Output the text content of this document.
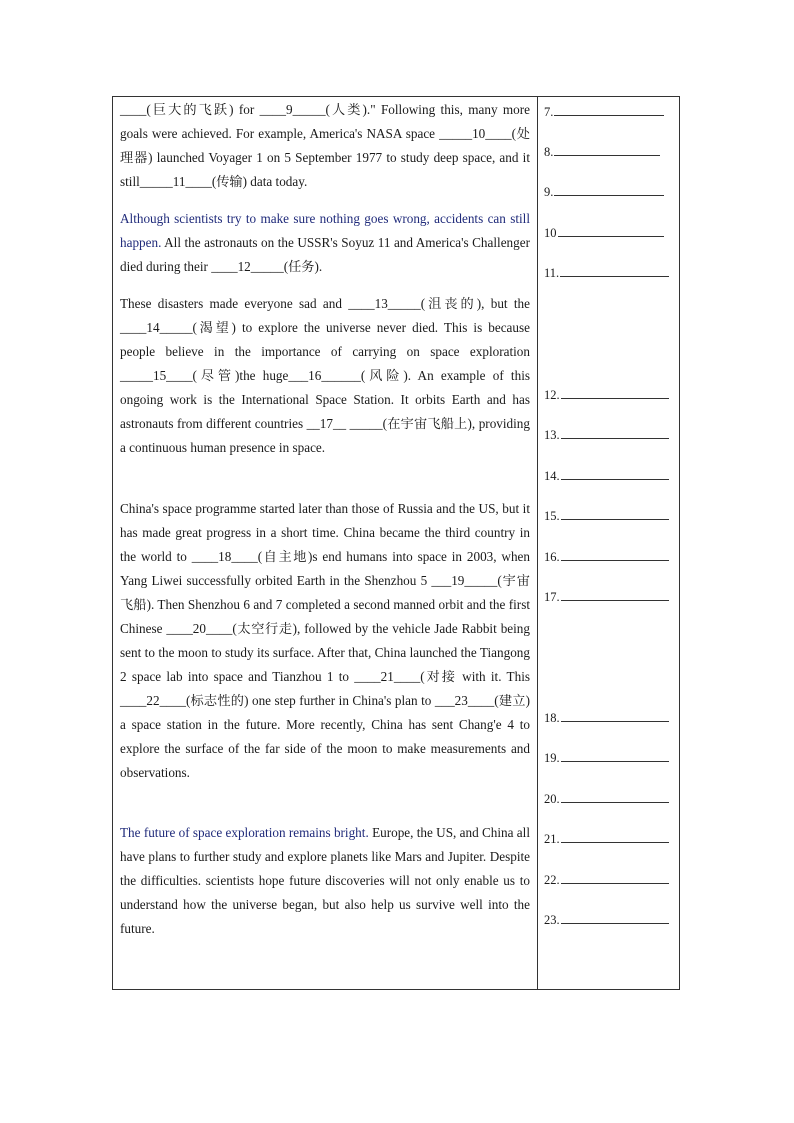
____(巨大的飞跃) for ____9_____(人类)." Following this, many more goals were achieved. For example, America's NASA space _____10____(处理器) launched Voyager 1 on 5 September 1977 to study deep space, and it still_____11____(传输) data today.

Although scientists try to make sure nothing goes wrong, accidents can still happen. All the astronauts on the USSR's Soyuz 11 and America's Challenger died during their ____12_____(任务).

These disasters made everyone sad and ____13_____(沮丧的), but the ____14_____(渴望) to explore the universe never died. This is because people believe in the importance of carrying on space exploration _____15____(尽管)the huge___16______(风险). An example of this ongoing work is the International Space Station. It orbits Earth and has astronauts from different countries __17__ _____(在宇宙飞船上), providing a continuous human presence in space.

China's space programme started later than those of Russia and the US, but it has made great progress in a short time. China became the third country in the world to ____18____(自主地)s end humans into space in 2003, when Yang Liwei successfully orbited Earth in the Shenzhou 5 ___19_____(宇宙飞船). Then Shenzhou 6 and 7 completed a second manned orbit and the first Chinese ____20____(太空行走), followed by the vehicle Jade Rabbit being sent to the moon to study its surface. After that, China launched the Tiangong 2 space lab into space and Tianzhou 1 to ____21____(对接 with it. This ____22____(标志性的) one step further in China's plan to ___23____(建立) a space station in the future. More recently, China has sent Chang'e 4 to explore the surface of the far side of the moon to make measurements and observations.

The future of space exploration remains bright. Europe, the US, and China all have plans to further study and explore planets like Mars and Jupiter. Despite the difficulties. scientists hope future discoveries will not only enable us to understand how the universe began, but also help us survive well into the future.

7.
8.
9.
10
11.
12.
13.
14.
15.
16.
17.
18.
19.
20.
21.
22.
23.
